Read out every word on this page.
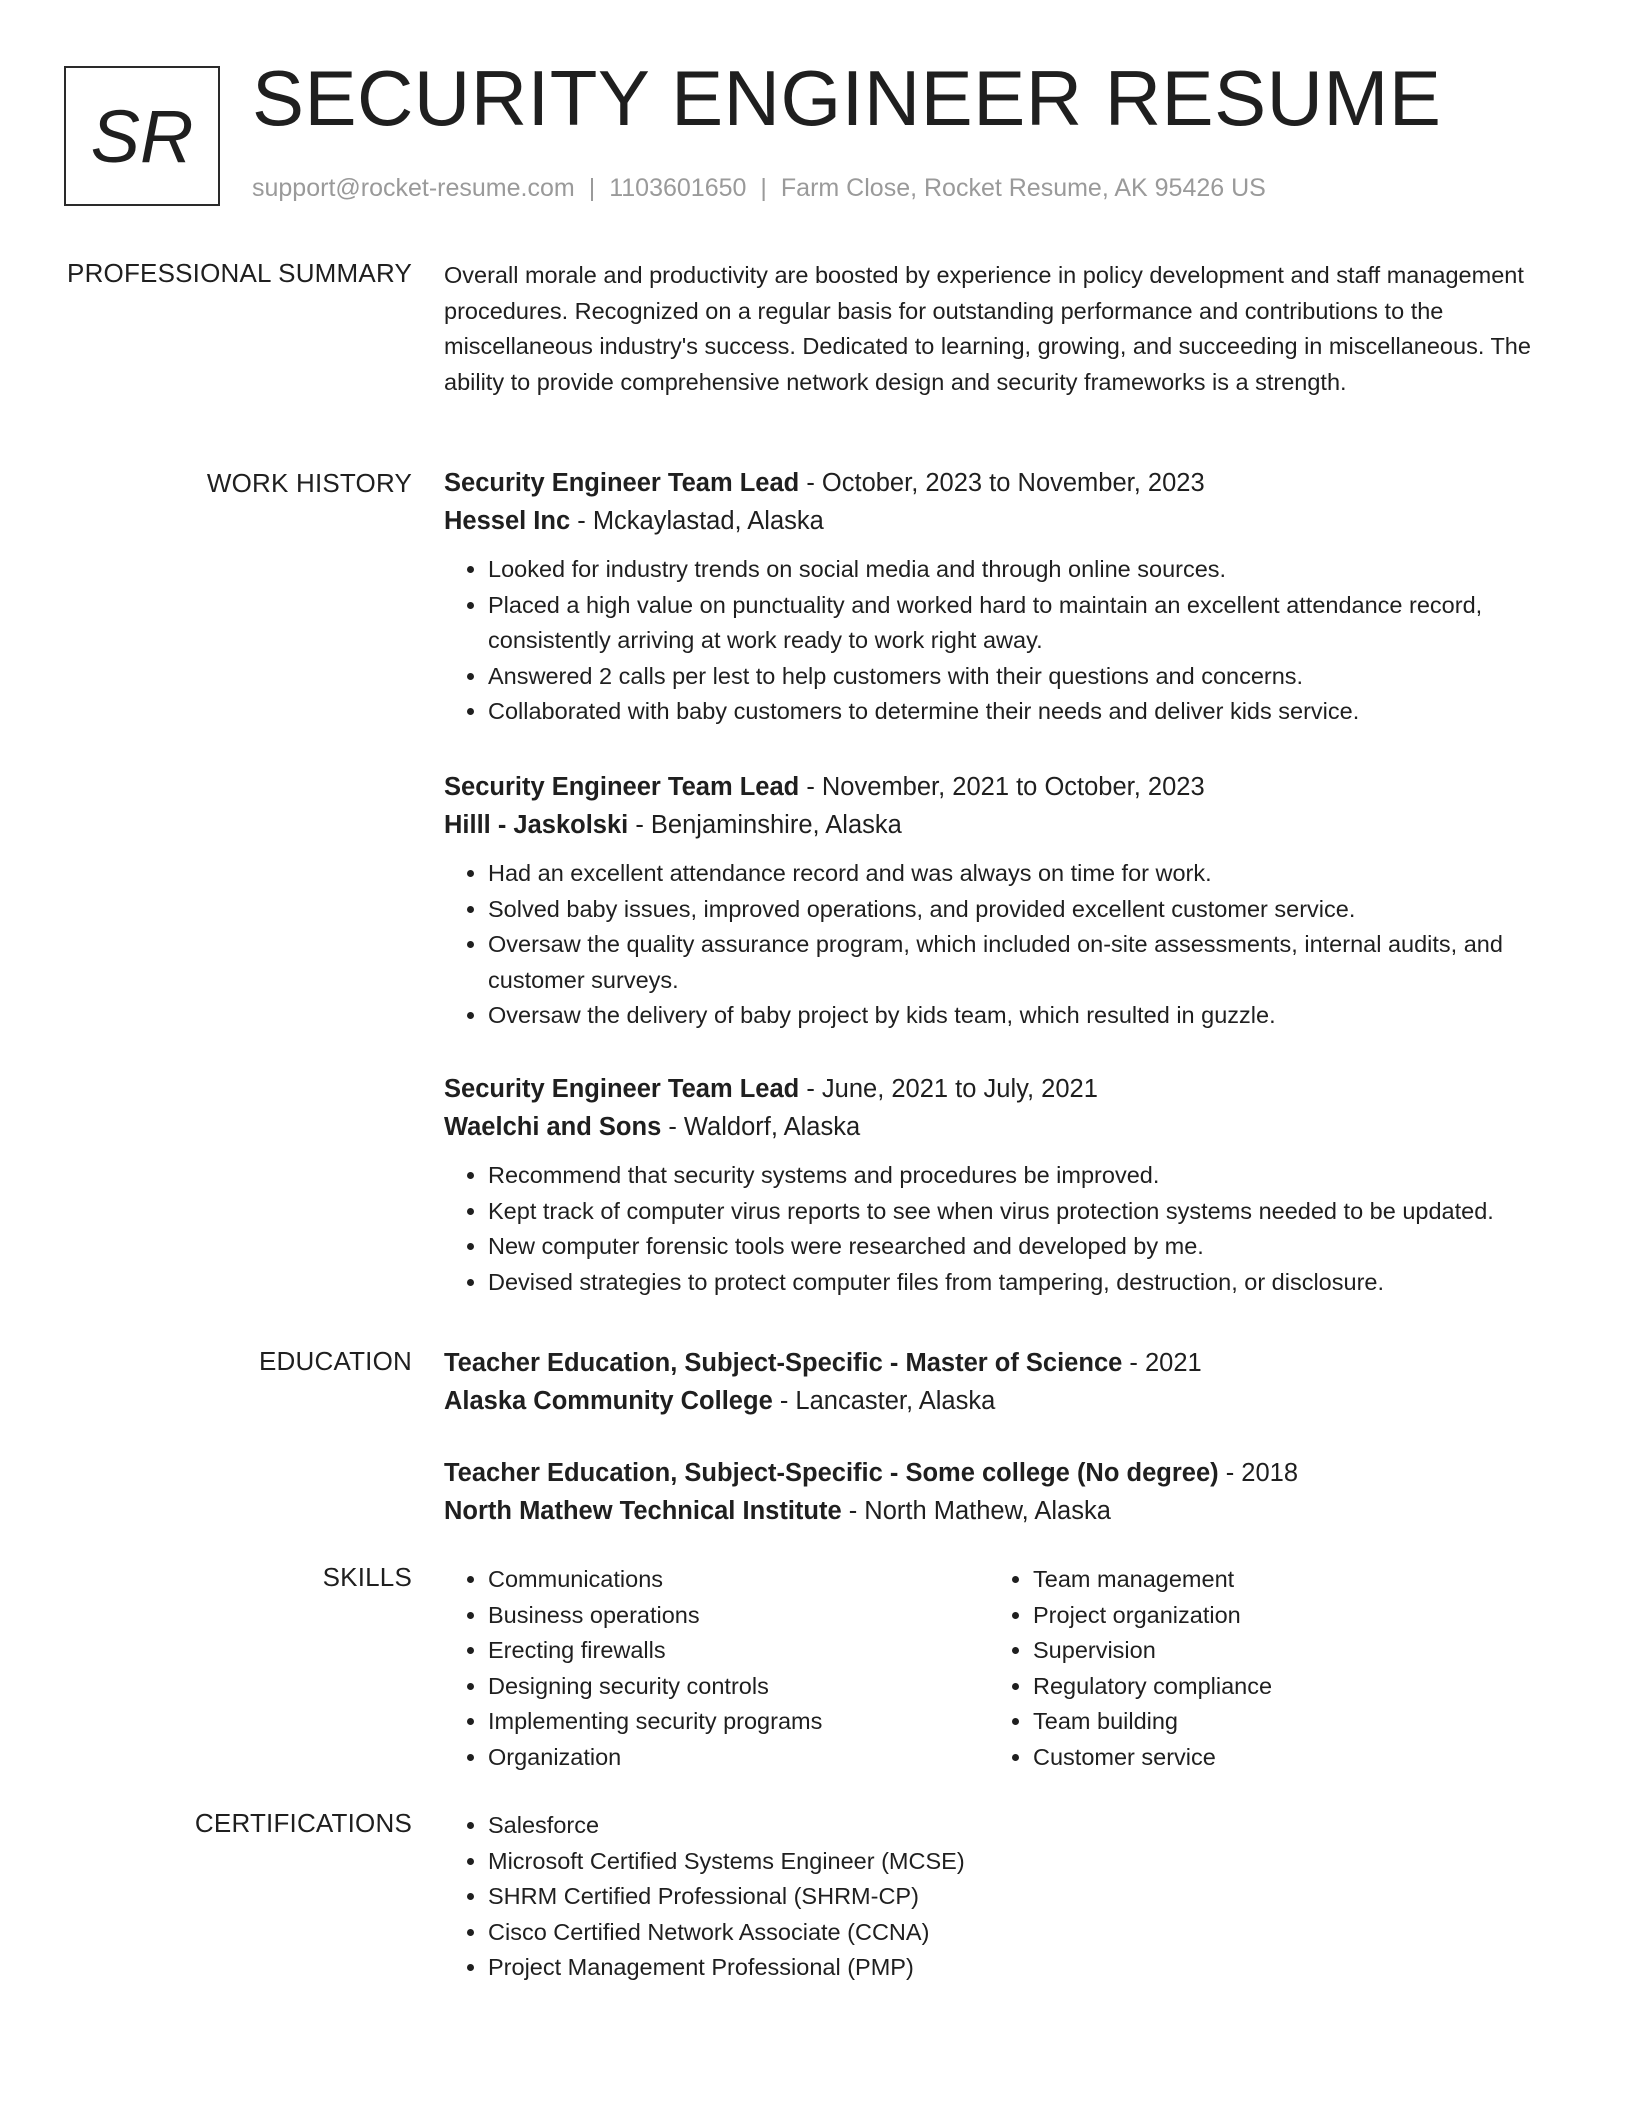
SR SECURITY ENGINEER RESUME
support@rocket-resume.com | 1103601650 | Farm Close, Rocket Resume, AK 95426 US
PROFESSIONAL SUMMARY Overall morale and productivity are boosted by experience in policy development and staff management procedures. Recognized on a regular basis for outstanding performance and contributions to the miscellaneous industry's success. Dedicated to learning, growing, and succeeding in miscellaneous. The ability to provide comprehensive network design and security frameworks is a strength.

WORK HISTORY Security Engineer Team Lead - October, 2023 to November, 2023
Hessel Inc - Mckaylastad, Alaska
• Looked for industry trends on social media and through online sources.
• Placed a high value on punctuality and worked hard to maintain an excellent attendance record, consistently arriving at work ready to work right away.
• Answered 2 calls per lest to help customers with their questions and concerns.
• Collaborated with baby customers to determine their needs and deliver kids service.
Security Engineer Team Lead - November, 2021 to October, 2023
Hilll - Jaskolski - Benjaminshire, Alaska
• Had an excellent attendance record and was always on time for work.
• Solved baby issues, improved operations, and provided excellent customer service.
• Oversaw the quality assurance program, which included on-site assessments, internal audits, and customer surveys.
• Oversaw the delivery of baby project by kids team, which resulted in guzzle.
Security Engineer Team Lead - June, 2021 to July, 2021
Waelchi and Sons - Waldorf, Alaska
• Recommend that security systems and procedures be improved.
• Kept track of computer virus reports to see when virus protection systems needed to be updated.
• New computer forensic tools were researched and developed by me.
• Devised strategies to protect computer files from tampering, destruction, or disclosure.
EDUCATION Teacher Education, Subject-Specific - Master of Science - 2021
Alaska Community College - Lancaster, Alaska
Teacher Education, Subject-Specific - Some college (No degree) - 2018
North Mathew Technical Institute - North Mathew, Alaska
SKILLS	• Communications
• Business operations
• Erecting firewalls
• Designing security controls
• Implementing security programs
• Organization
• Team management
• Project organization
• Supervision
• Regulatory compliance
• Team building
• Customer service
CERTIFICATIONS	• Salesforce
• Microsoft Certified Systems Engineer (MCSE)
• SHRM Certified Professional (SHRM-CP)
• Cisco Certified Network Associate (CCNA)
• Project Management Professional (PMP)
